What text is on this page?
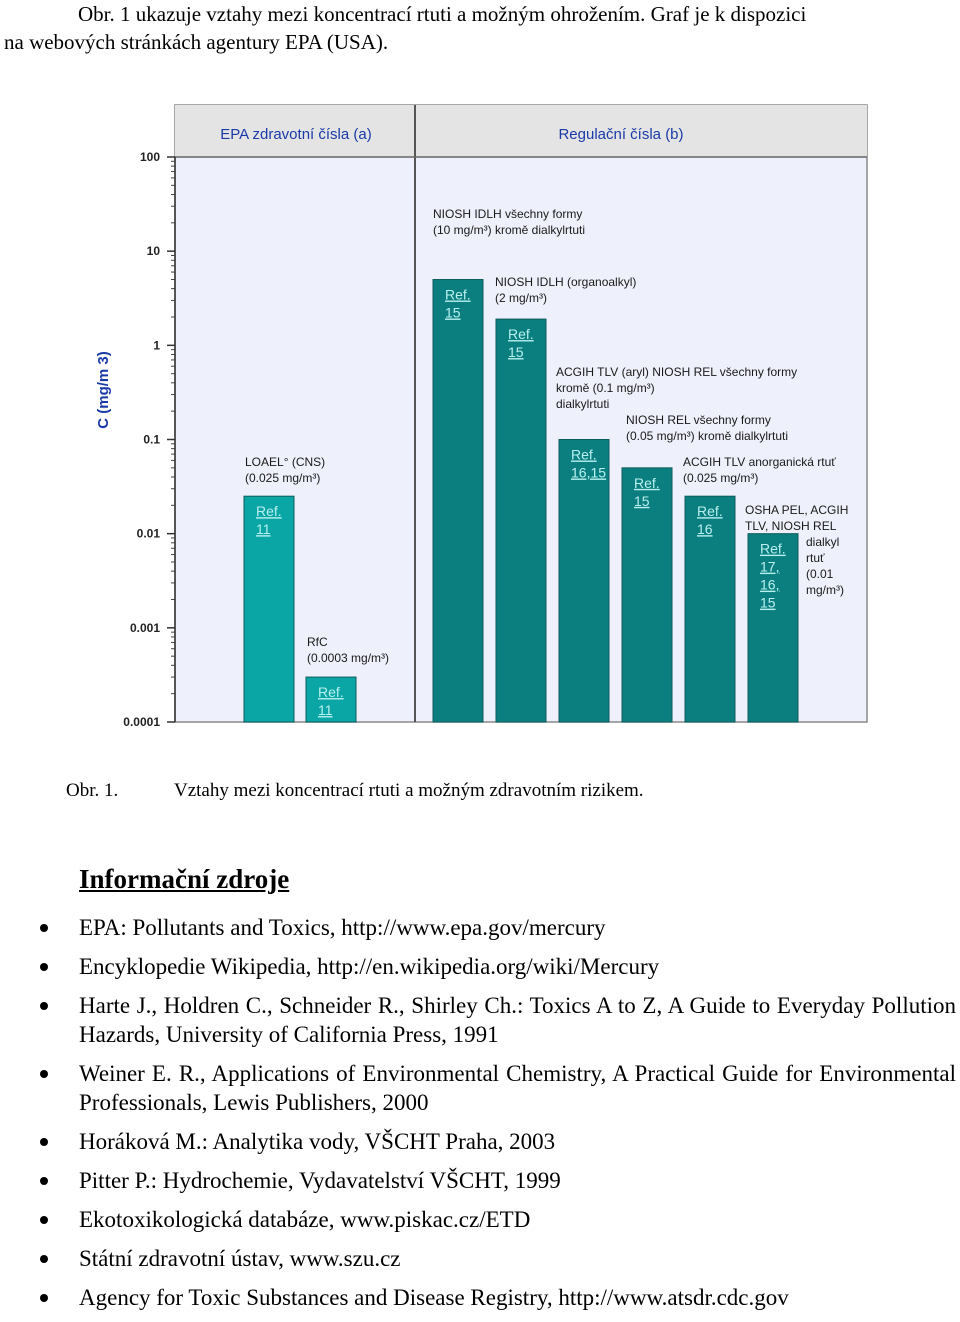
Obr. 1 ukazuje vztahy mezi koncentrací rtuti a možným ohrožením. Graf je k dispozici
na webových stránkách agentury EPA (USA).
EPA zdravotní čísla (a)	Regulační čísla (b)
100
10
1
0.1
0.01
0.001
0.0001
C (mg/m 3)
Ref.
11
Ref.
11
Ref.
15
Ref.
15
Ref.
16,15
Ref.
15
Ref.
16
Ref.
17,
16,
15
LOAEL° (CNS)
(0.025 mg/m³)
RfC
(0.0003 mg/m³)
NIOSH IDLH všechny formy
(10 mg/m³) kromě dialkylrtuti
NIOSH IDLH (organoalkyl)
(2 mg/m³)
ACGIH TLV (aryl) NIOSH REL všechny formy
kromě (0.1 mg/m³)
dialkylrtuti
NIOSH REL všechny formy
(0.05 mg/m³) kromě dialkylrtuti
ACGIH TLV anorganická rtuť
(0.025 mg/m³)
OSHA PEL, ACGIH
TLV, NIOSH REL
dialkyl
rtuť
(0.01
mg/m³)
Obr. 1.	Vztahy mezi koncentrací rtuti a možným zdravotním rizikem.
Informační zdroje
EPA: Pollutants and Toxics, http://www.epa.gov/mercury
Encyklopedie Wikipedia, http://en.wikipedia.org/wiki/Mercury
Harte J., Holdren C., Schneider R., Shirley Ch.: Toxics A to Z, A Guide to Everyday Pollution Hazards, University of California Press, 1991
Weiner E. R., Applications of Environmental Chemistry, A Practical Guide for Environmental Professionals, Lewis Publishers, 2000
Horáková M.: Analytika vody, VŠCHT Praha, 2003
Pitter P.: Hydrochemie, Vydavatelství VŠCHT, 1999
Ekotoxikologická databáze, www.piskac.cz/ETD
Státní zdravotní ústav, www.szu.cz
Agency for Toxic Substances and Disease Registry, http://www.atsdr.cdc.gov
